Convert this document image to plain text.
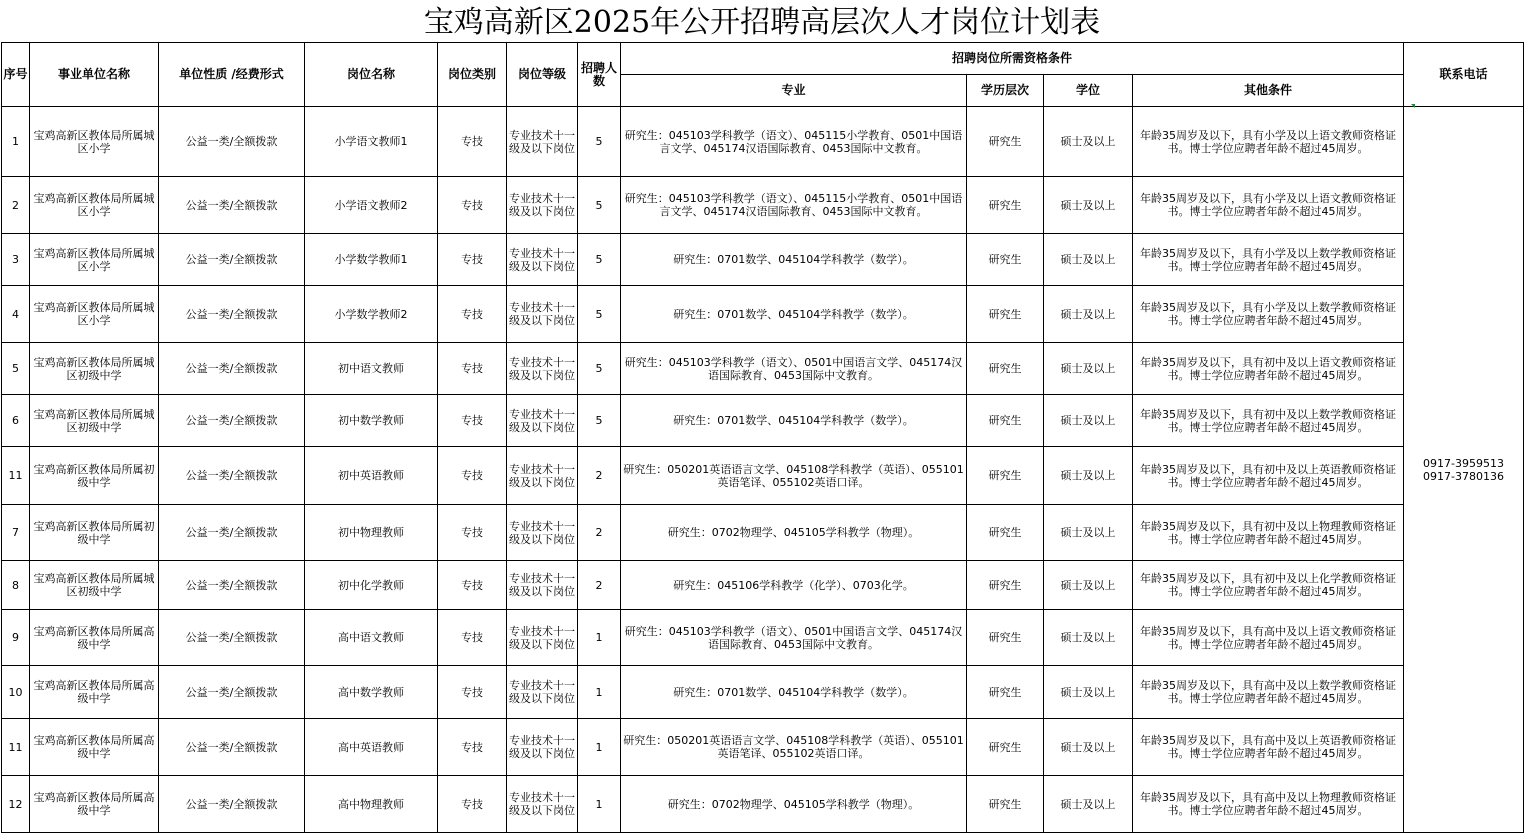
宝鸡高新区2025年公开招聘高层次人才岗位计划表
序号	事业单位名称	单位性质 /经费形式	岗位名称	岗位类别	岗位等级	招聘人数	招聘岗位所需资格条件				联系电话
							专业	学历层次	学位	其他条件	
1	宝鸡高新区教体局所属城区小学	公益一类/全额拨款	小学语文教师1	专技	专业技术十一级及以下岗位	5	研究生：045103学科教学（语文）、045115小学教育、0501中国语言文学、045174汉语国际教育、0453国际中文教育。	研究生	硕士及以上	年龄35周岁及以下，具有小学及以上语文教师资格证书。博士学位应聘者年龄不超过45周岁。	0917-3959513
0917-3780136

2	宝鸡高新区教体局所属城区小学	公益一类/全额拨款	小学语文教师2	专技	专业技术十一级及以下岗位	5	研究生：045103学科教学（语文）、045115小学教育、0501中国语言文学、045174汉语国际教育、0453国际中文教育。	研究生	硕士及以上	年龄35周岁及以下，具有小学及以上语文教师资格证书。博士学位应聘者年龄不超过45周岁。	
3	宝鸡高新区教体局所属城区小学	公益一类/全额拨款	小学数学教师1	专技	专业技术十一级及以下岗位	5	研究生：0701数学、045104学科教学（数学）。	研究生	硕士及以上	年龄35周岁及以下，具有小学及以上数学教师资格证书。博士学位应聘者年龄不超过45周岁。	
4	宝鸡高新区教体局所属城区小学	公益一类/全额拨款	小学数学教师2	专技	专业技术十一级及以下岗位	5	研究生：0701数学、045104学科教学（数学）。	研究生	硕士及以上	年龄35周岁及以下，具有小学及以上数学教师资格证书。博士学位应聘者年龄不超过45周岁。	
5	宝鸡高新区教体局所属城区初级中学	公益一类/全额拨款	初中语文教师	专技	专业技术十一级及以下岗位	5	研究生：045103学科教学（语文）、0501中国语言文学、045174汉语国际教育、0453国际中文教育。	研究生	硕士及以上	年龄35周岁及以下，具有初中及以上语文教师资格证书。博士学位应聘者年龄不超过45周岁。	
6	宝鸡高新区教体局所属城区初级中学	公益一类/全额拨款	初中数学教师	专技	专业技术十一级及以下岗位	5	研究生：0701数学、045104学科教学（数学）。	研究生	硕士及以上	年龄35周岁及以下，具有初中及以上数学教师资格证书。博士学位应聘者年龄不超过45周岁。	
11	宝鸡高新区教体局所属初级中学	公益一类/全额拨款	初中英语教师	专技	专业技术十一级及以下岗位	2	研究生：050201英语语言文学、045108学科教学（英语）、055101英语笔译、055102英语口译。	研究生	硕士及以上	年龄35周岁及以下，具有初中及以上英语教师资格证书。博士学位应聘者年龄不超过45周岁。	
7	宝鸡高新区教体局所属初级中学	公益一类/全额拨款	初中物理教师	专技	专业技术十一级及以下岗位	2	研究生：0702物理学、045105学科教学（物理）。	研究生	硕士及以上	年龄35周岁及以下，具有初中及以上物理教师资格证书。博士学位应聘者年龄不超过45周岁。	
8	宝鸡高新区教体局所属城区初级中学	公益一类/全额拨款	初中化学教师	专技	专业技术十一级及以下岗位	2	研究生：045106学科教学（化学）、0703化学。	研究生	硕士及以上	年龄35周岁及以下，具有初中及以上化学教师资格证书。博士学位应聘者年龄不超过45周岁。	
9	宝鸡高新区教体局所属高级中学	公益一类/全额拨款	高中语文教师	专技	专业技术十一级及以下岗位	1	研究生：045103学科教学（语文）、0501中国语言文学、045174汉语国际教育、0453国际中文教育。	研究生	硕士及以上	年龄35周岁及以下，具有高中及以上语文教师资格证书。博士学位应聘者年龄不超过45周岁。	
10	宝鸡高新区教体局所属高级中学	公益一类/全额拨款	高中数学教师	专技	专业技术十一级及以下岗位	1	研究生：0701数学、045104学科教学（数学）。	研究生	硕士及以上	年龄35周岁及以下，具有高中及以上数学教师资格证书。博士学位应聘者年龄不超过45周岁。	
11	宝鸡高新区教体局所属高级中学	公益一类/全额拨款	高中英语教师	专技	专业技术十一级及以下岗位	1	研究生：050201英语语言文学、045108学科教学（英语）、055101英语笔译、055102英语口译。	研究生	硕士及以上	年龄35周岁及以下，具有高中及以上英语教师资格证书。博士学位应聘者年龄不超过45周岁。	
12	宝鸡高新区教体局所属高级中学	公益一类/全额拨款	高中物理教师	专技	专业技术十一级及以下岗位	1	研究生：0702物理学、045105学科教学（物理）。	研究生	硕士及以上	年龄35周岁及以下，具有高中及以上物理教师资格证书。博士学位应聘者年龄不超过45周岁。	
